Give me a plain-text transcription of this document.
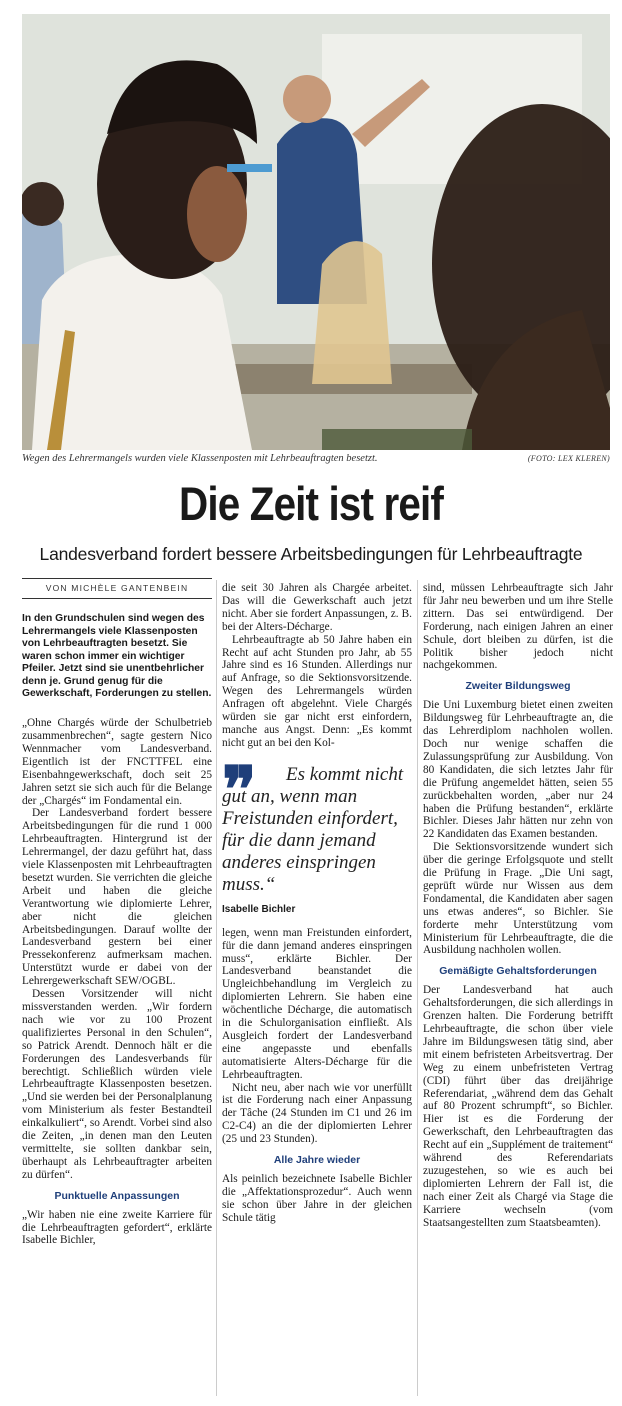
Wegen des Lehrermangels wurden viele Klassenposten mit Lehrbeauftragten besetzt.	(FOTO: LEX KLEREN)
Die Zeit ist reif
Landesverband fordert bessere Arbeitsbedingungen für Lehrbeauftragte
VON MICHÈLE GANTENBEIN
In den Grundschulen sind wegen des Lehrermangels viele Klassenposten von Lehrbeauftragten besetzt. Sie waren schon immer ein wichtiger Pfeiler. Jetzt sind sie unentbehrlicher denn je. Grund genug für die Gewerkschaft, Forderungen zu stellen.

„Ohne Chargés würde der Schulbetrieb zusammenbrechen“, sagte gestern Nico Wennmacher vom Landesverband. Eigentlich ist der FNCTTFEL eine Eisenbahngewerkschaft, doch seit 25 Jahren setzt sie sich auch für die Belange der „Chargés“ im Fondamental ein.

Der Landesverband fordert bessere Arbeitsbedingungen für die rund 1 000 Lehrbeauftragten. Hintergrund ist der Lehrermangel, der dazu geführt hat, dass viele Klassenposten mit Lehrbeauftragten besetzt wurden. Sie verrichten die gleiche Arbeit und haben die gleiche Verantwortung wie diplomierte Lehrer, aber nicht die gleichen Arbeitsbedingungen. Darauf wollte der Landesverband gestern bei einer Pressekonferenz aufmerksam machen. Unterstützt wurde er dabei von der Lehrergewerkschaft SEW/OGBL.

Dessen Vorsitzender will nicht missverstanden werden. „Wir fordern nach wie vor zu 100 Prozent qualifiziertes Personal in den Schulen“, so Patrick Arendt. Dennoch hält er die Forderungen des Landesverbands für berechtigt. Schließlich würden viele Lehrbeauftragte Klassenposten besetzen. „Und sie werden bei der Personalplanung vom Ministerium als fester Bestandteil einkalkuliert“, so Arendt. Vorbei sind also die Zeiten, „in denen man den Leuten vermittelte, sie sollten dankbar sein, überhaupt als Lehrbeauftragter arbeiten zu dürfen“.

Punktuelle Anpassungen

„Wir haben nie eine zweite Karriere für die Lehrbeauftragten gefordert“, erklärte Isabelle Bichler,

die seit 30 Jahren als Chargée arbeitet. Das will die Gewerkschaft auch jetzt nicht. Aber sie fordert Anpassungen, z. B. bei der Alters-Décharge.

Lehrbeauftragte ab 50 Jahre haben ein Recht auf acht Stunden pro Jahr, ab 55 Jahre sind es 16 Stunden. Allerdings nur auf Anfrage, so die Sektionsvorsitzende. Wegen des Lehrermangels würden Anfragen oft abgelehnt. Viele Chargés würden sie gar nicht erst einfordern, manche aus Angst. Denn: „Es kommt nicht gut an bei den Kol-

❞	Es kommt nicht gut an, wenn man Freistunden einfordert, für die dann jemand anderes einspringen muss.“
Isabelle Bichler

legen, wenn man Freistunden einfordert, für die dann jemand anderes einspringen muss“, erklärte Bichler. Der Landesverband beanstandet die Ungleichbehandlung im Vergleich zu diplomierten Lehrern. Sie haben eine wöchentliche Décharge, die automatisch in die Schulorganisation einfließt. Als Ausgleich fordert der Landesverband eine angepasste und ebenfalls automatisierte Alters-Décharge für die Lehrbeauftragten.

Nicht neu, aber nach wie vor unerfüllt ist die Forderung nach einer Anpassung der Tâche (24 Stunden im C1 und 26 im C2-C4) an die der diplomierten Lehrer (25 und 23 Stunden).

Alle Jahre wieder

Als peinlich bezeichnete Isabelle Bichler die „Affektationsprozedur“. Auch wenn sie schon über Jahre in der gleichen Schule tätig

sind, müssen Lehrbeauftragte sich Jahr für Jahr neu bewerben und um ihre Stelle zittern. Das sei entwürdigend. Der Forderung, nach einigen Jahren an einer Schule, dort bleiben zu dürfen, ist die Politik bisher jedoch nicht nachgekommen.

Zweiter Bildungsweg

Die Uni Luxemburg bietet einen zweiten Bildungsweg für Lehrbeauftragte an, die das Lehrerdiplom nachholen wollen. Doch nur wenige schaffen die Zulassungsprüfung zur Ausbildung. Von 80 Kandidaten, die sich letztes Jahr für die Prüfung angemeldet hätten, seien 55 zurückbehalten worden, „aber nur 24 haben die Prüfung bestanden“, erklärte Bichler. Dieses Jahr hätten nur zehn von 22 Kandidaten das Examen bestanden.

Die Sektionsvorsitzende wundert sich über die geringe Erfolgsquote und stellt die Prüfung in Frage. „Die Uni sagt, geprüft würde nur Wissen aus dem Fondamental, die Kandidaten aber sagen uns etwas anderes“, so Bichler. Sie forderte mehr Unterstützung vom Ministerium für Lehrbeauftragte, die die Ausbildung nachholen wollen.

Gemäßigte Gehaltsforderungen

Der Landesverband hat auch Gehaltsforderungen, die sich allerdings in Grenzen halten. Die Forderung betrifft Lehrbeauftragte, die schon über viele Jahre im Bildungswesen tätig sind, aber mit einem befristeten Arbeitsvertrag. Der Weg zu einem unbefristeten Vertrag (CDI) führt über das dreijährige Referendariat, „während dem das Gehalt auf 80 Prozent schrumpft“, so Bichler. Hier ist es die Forderung der Gewerkschaft, den Lehrbeauftragten das Recht auf ein „Supplément de traitement“ während des Referendariats zuzugestehen, so wie es auch bei diplomierten Lehrern der Fall ist, die nach einer Zeit als Chargé via Stage die Karriere wechseln (vom Staatsangestellten zum Staatsbeamten).
